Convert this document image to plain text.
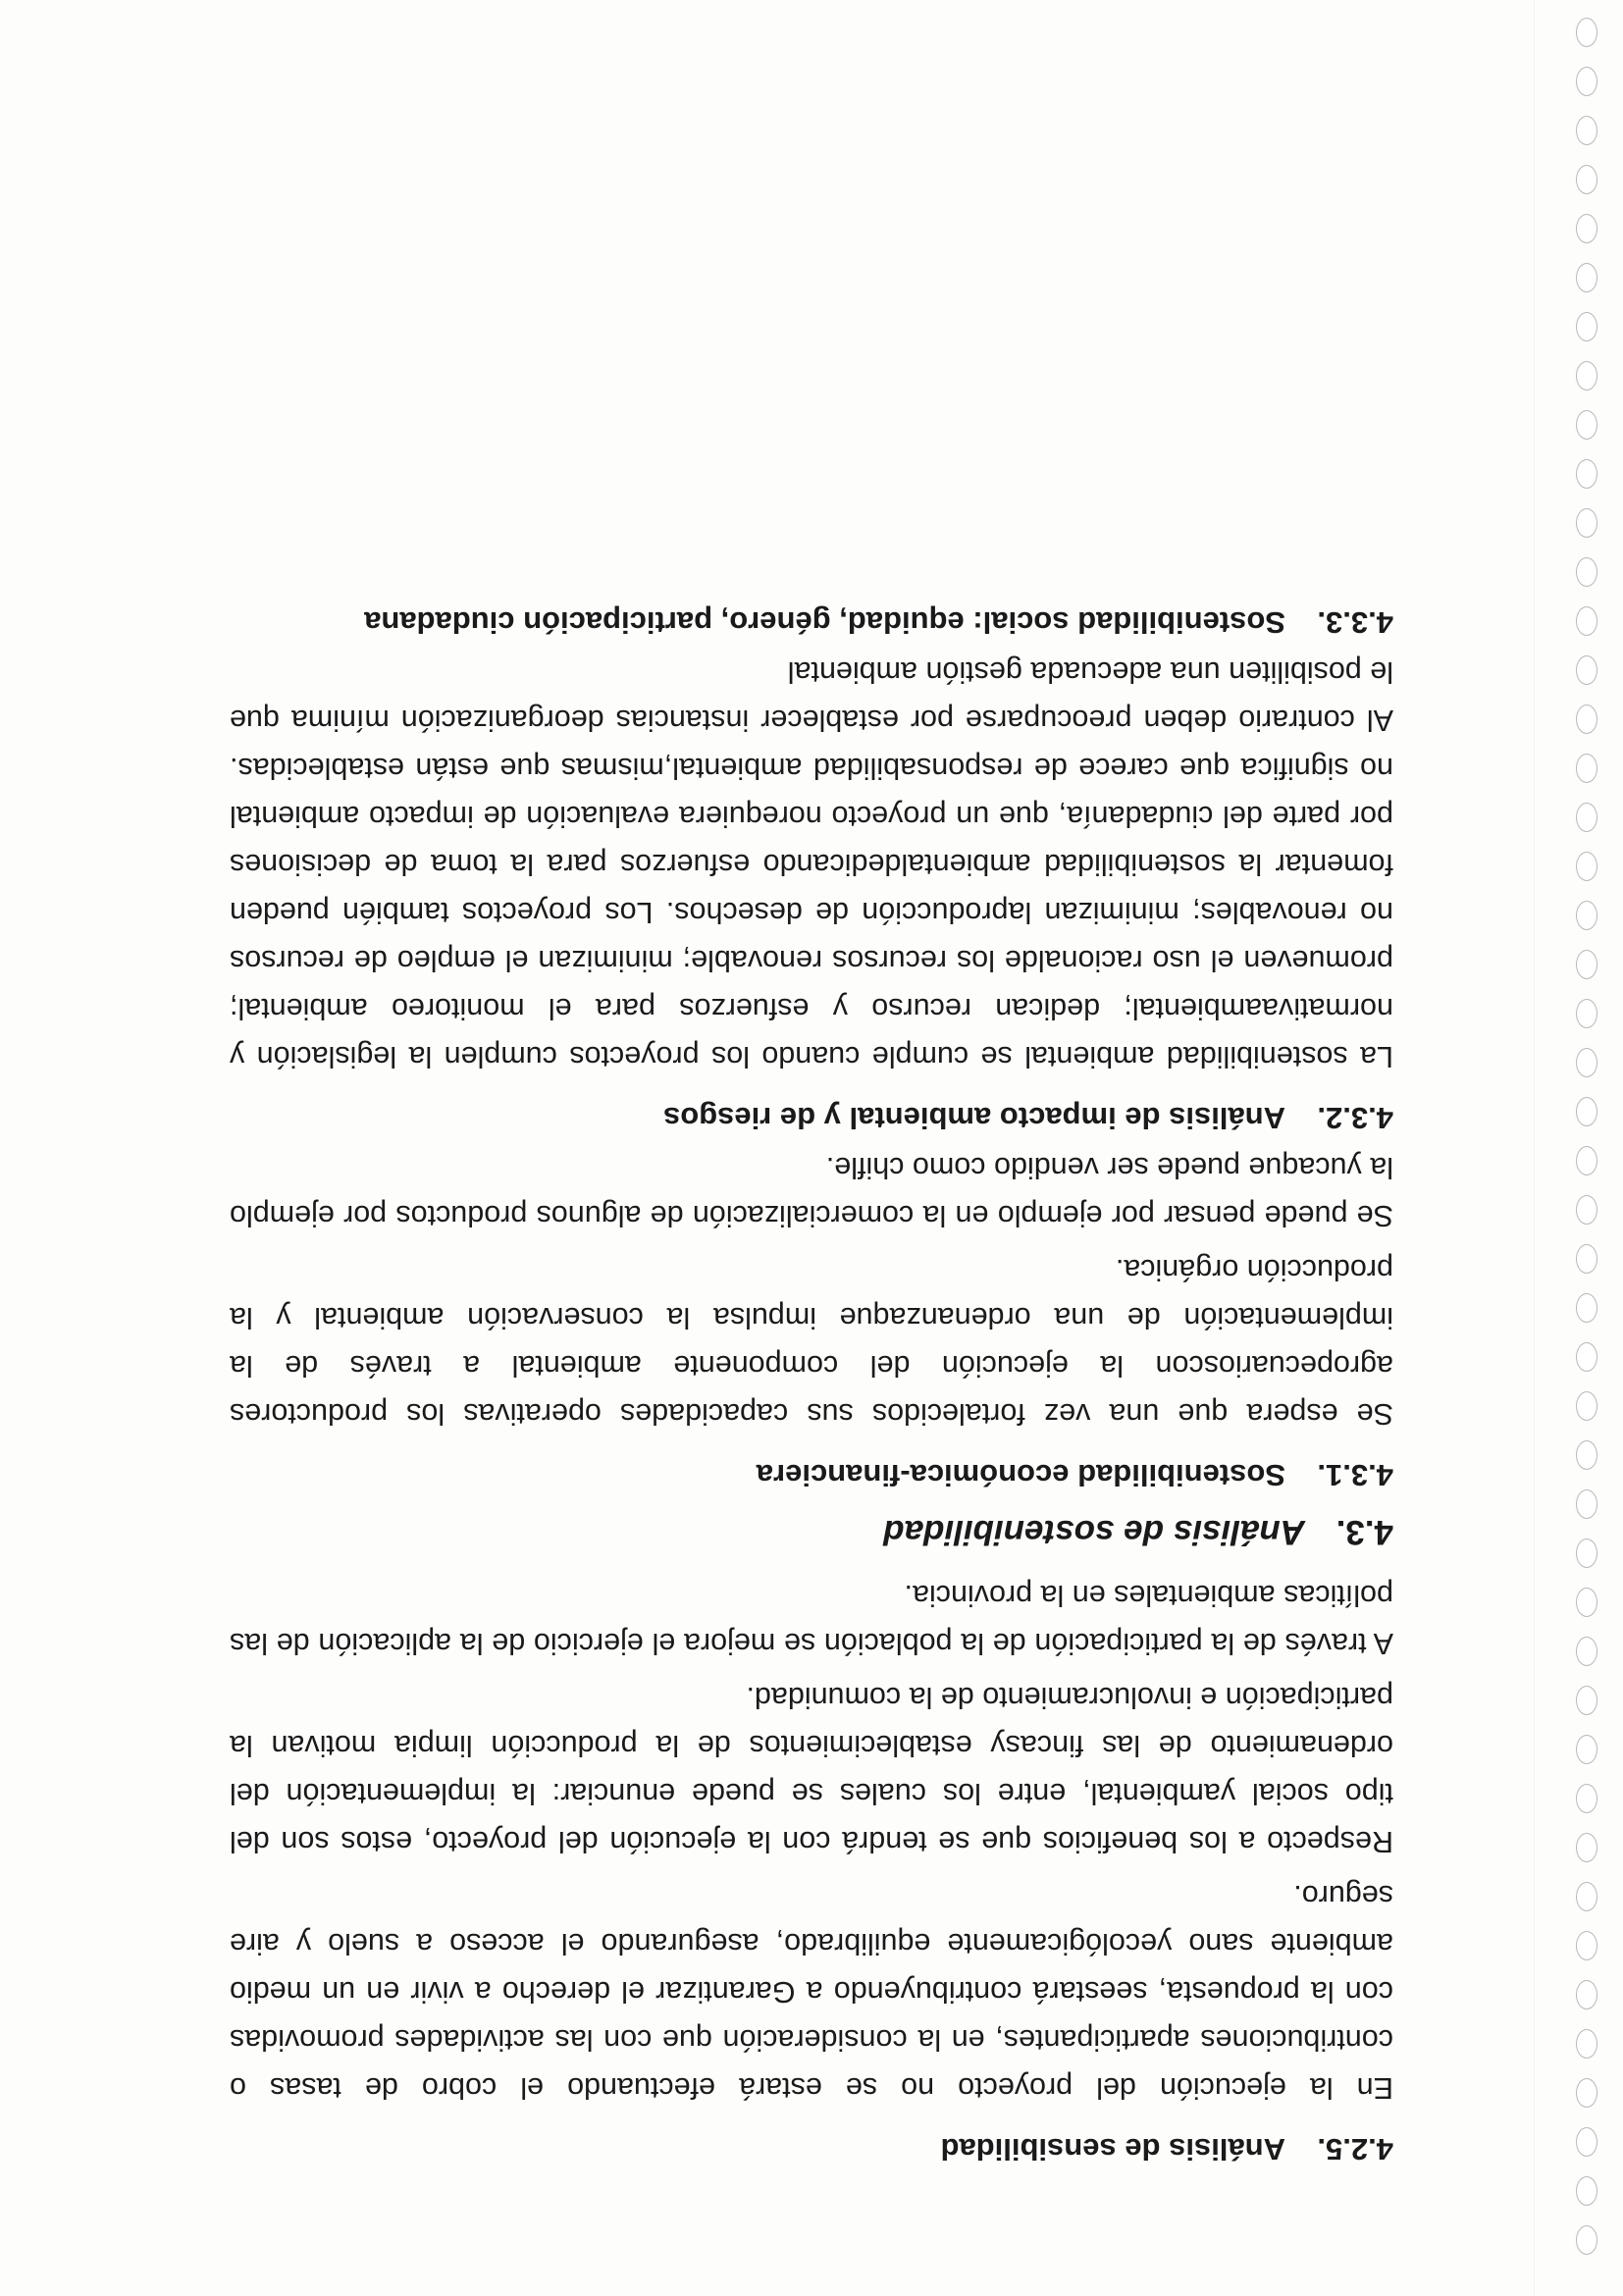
4.2.5.Análisis de sensibilidad

En la ejecución del proyecto no se estará efectuando el cobro de tasas o contribuciones aparticipantes, en la consideración que con las actividades promovidas con la propuesta, seestará contribuyendo a Garantizar el derecho a vivir en un medio ambiente sano yecológicamente equilibrado, asegurando el acceso a suelo y aire seguro.

Respecto a los beneficios que se tendrá con la ejecución del proyecto, estos son del tipo social yambiental, entre los cuales se puede enunciar: la implementación del ordenamiento de las fincasy establecimientos de la producción limpia motivan la participación e involucramiento de la comunidad.

A través de la participación de la población se mejora el ejercicio de la aplicación de las políticas ambientales en la provincia.

4.3.Análisis de sostenibilidad
4.3.1.Sostenibilidad económica-financiera

Se espera que una vez fortalecidos sus capacidades operativas los productores agropecuarioscon la ejecución del componente ambiental a través de la implementación de una ordenanzaque impulsa la conservación ambiental y la producción orgánica.

Se puede pensar por ejemplo en la comercialización de algunos productos por ejemplo la yucaque puede ser vendido como chifle.

4.3.2.Análisis de impacto ambiental y de riesgos

La sostenibilidad ambiental se cumple cuando los proyectos cumplen la legislación y normativaambiental; dedican recurso y esfuerzos para el monitoreo ambiental; promueven el uso racionalde los recursos renovable; minimizan el empleo de recursos no renovables; minimizan laproducción de desechos. Los proyectos también pueden fomentar la sostenibilidad ambientaldedicando esfuerzos para la toma de decisiones por parte del ciudadanía, que un proyecto norequiera evaluación de impacto ambiental no significa que carece de responsabilidad ambiental,mismas que están establecidas. Al contrario deben preocuparse por establecer instancias deorganización mínima que le posibiliten una adecuada gestión ambiental

4.3.3.Sostenibilidad social: equidad, género, participación ciudadana
